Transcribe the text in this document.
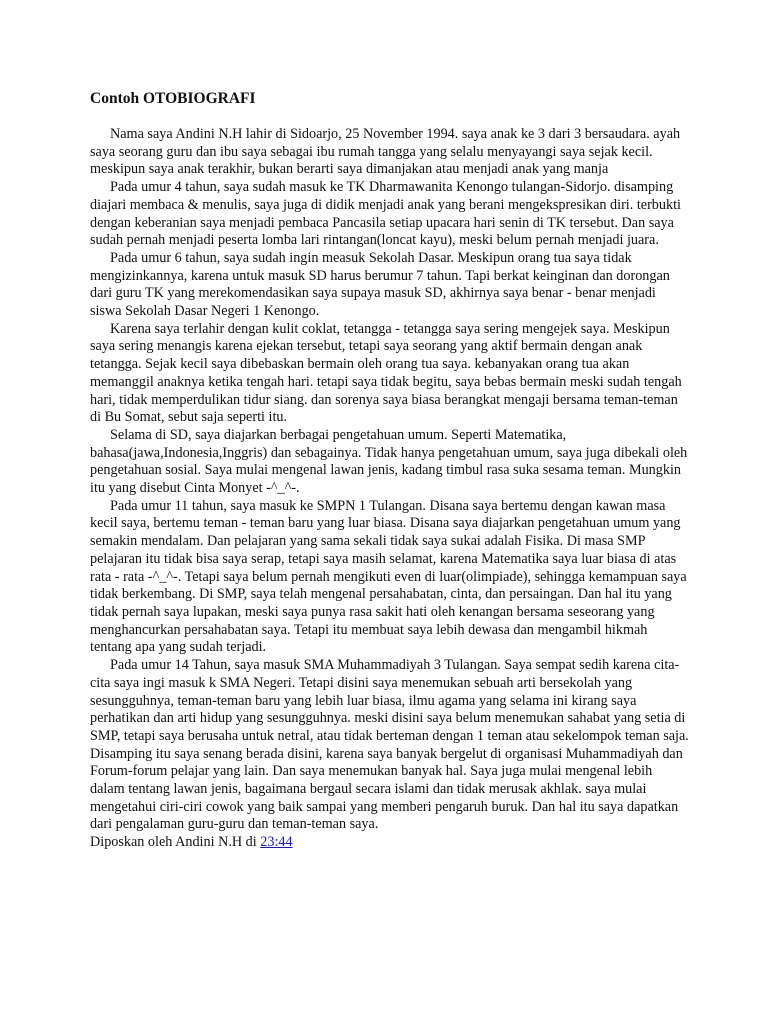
Contoh OTOBIOGRAFI

Nama saya Andini N.H lahir di Sidoarjo, 25 November 1994. saya anak ke 3 dari 3 bersaudara. ayah saya seorang guru dan ibu saya sebagai ibu rumah tangga yang selalu menyayangi saya sejak kecil. meskipun saya anak terakhir, bukan berarti saya dimanjakan atau menjadi anak yang manja

Pada umur 4 tahun, saya sudah masuk ke TK Dharmawanita Kenongo tulangan-Sidorjo. disamping diajari membaca & menulis, saya juga di didik menjadi anak yang berani mengekspresikan diri. terbukti dengan keberanian saya menjadi pembaca Pancasila setiap upacara hari senin di TK tersebut. Dan saya sudah pernah menjadi peserta lomba lari rintangan(loncat kayu), meski belum pernah menjadi juara.

Pada umur 6 tahun, saya sudah ingin measuk Sekolah Dasar. Meskipun orang tua saya tidak mengizinkannya, karena untuk masuk SD harus berumur 7 tahun. Tapi berkat keinginan dan dorongan dari guru TK yang merekomendasikan saya supaya masuk SD, akhirnya saya benar - benar menjadi siswa Sekolah Dasar Negeri 1 Kenongo.

Karena saya terlahir dengan kulit coklat, tetangga - tetangga saya sering mengejek saya. Meskipun saya sering menangis karena ejekan tersebut, tetapi saya seorang yang aktif bermain dengan anak tetangga. Sejak kecil saya dibebaskan bermain oleh orang tua saya. kebanyakan orang tua akan memanggil anaknya ketika tengah hari. tetapi saya tidak begitu, saya bebas bermain meski sudah tengah hari, tidak memperdulikan tidur siang. dan sorenya saya biasa berangkat mengaji bersama teman-teman di Bu Somat, sebut saja seperti itu.

Selama di SD, saya diajarkan berbagai pengetahuan umum. Seperti Matematika, bahasa(jawa,Indonesia,Inggris) dan sebagainya. Tidak hanya pengetahuan umum, saya juga dibekali oleh pengetahuan sosial. Saya mulai mengenal lawan jenis, kadang timbul rasa suka sesama teman. Mungkin itu yang disebut Cinta Monyet -^_^-.

Pada umur 11 tahun, saya masuk ke SMPN 1 Tulangan. Disana saya bertemu dengan kawan masa kecil saya, bertemu teman - teman baru yang luar biasa. Disana saya diajarkan pengetahuan umum yang semakin mendalam. Dan pelajaran yang sama sekali tidak saya sukai adalah Fisika. Di masa SMP pelajaran itu tidak bisa saya serap, tetapi saya masih selamat, karena Matematika saya luar biasa di atas rata - rata -^_^-. Tetapi saya belum pernah mengikuti even di luar(olimpiade), sehingga kemampuan saya tidak berkembang. Di SMP, saya telah mengenal persahabatan, cinta, dan persaingan. Dan hal itu yang tidak pernah saya lupakan, meski saya punya rasa sakit hati oleh kenangan bersama seseorang yang menghancurkan persahabatan saya. Tetapi itu membuat saya lebih dewasa dan mengambil hikmah tentang apa yang sudah terjadi.

Pada umur 14 Tahun, saya masuk SMA Muhammadiyah 3 Tulangan. Saya sempat sedih karena cita-cita saya ingi masuk k SMA Negeri. Tetapi disini saya menemukan sebuah arti bersekolah yang sesungguhnya, teman-teman baru yang lebih luar biasa, ilmu agama yang selama ini kirang saya perhatikan dan arti hidup yang sesungguhnya. meski disini saya belum menemukan sahabat yang setia di SMP, tetapi saya berusaha untuk netral, atau tidak berteman dengan 1 teman atau sekelompok teman saja. Disamping itu saya senang berada disini, karena saya banyak bergelut di organisasi Muhammadiyah dan Forum-forum pelajar yang lain. Dan saya menemukan banyak hal. Saya juga mulai mengenal lebih dalam tentang lawan jenis, bagaimana bergaul secara islami dan tidak merusak akhlak. saya mulai mengetahui ciri-ciri cowok yang baik sampai yang memberi pengaruh buruk. Dan hal itu saya dapatkan dari pengalaman guru-guru dan teman-teman saya.

Diposkan oleh Andini N.H di 23:44
